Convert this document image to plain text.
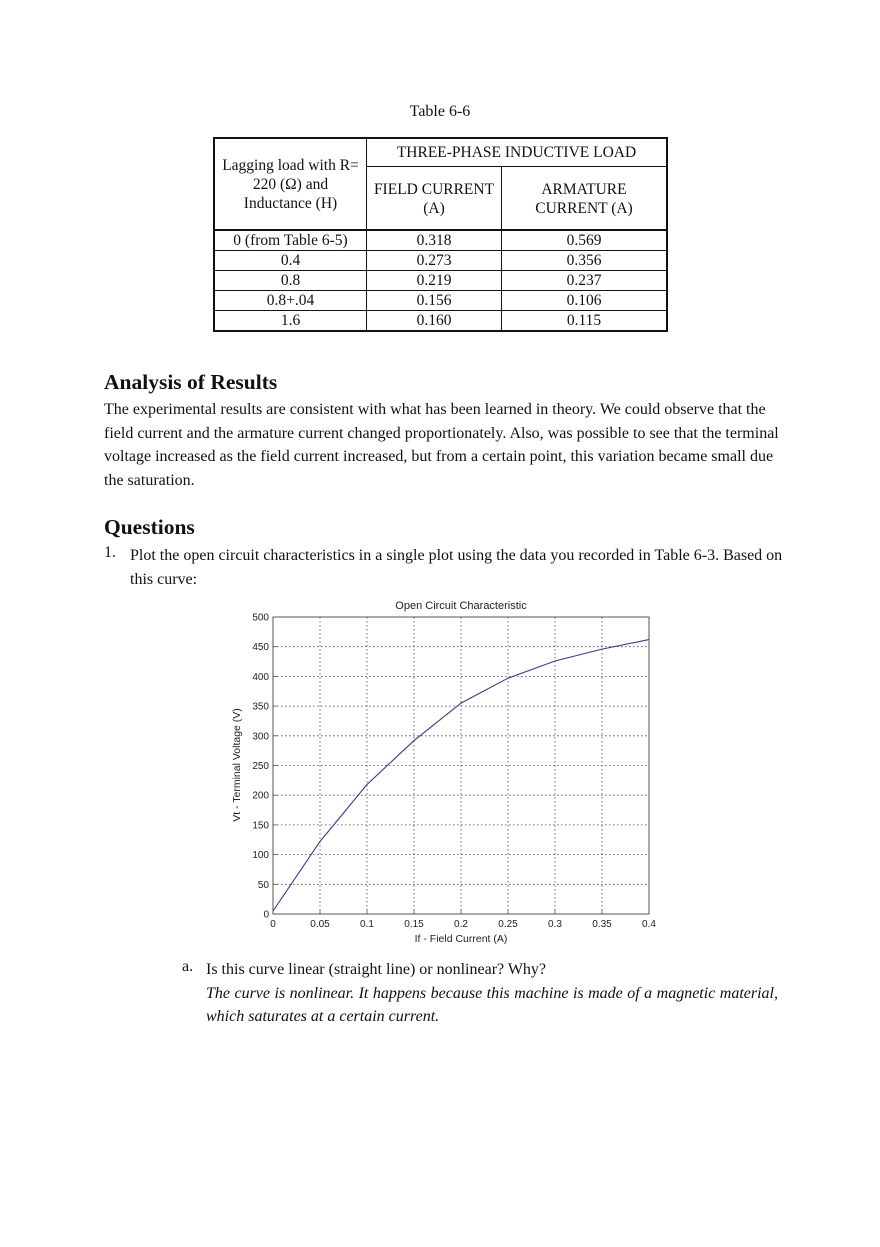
Table 6-6
Lagging load with R= 220 (Ω) and Inductance (H)	THREE-PHASE INDUCTIVE LOAD	
	FIELD CURRENT (A)	ARMATURE CURRENT (A)
0 (from Table 6-5)	0.318	0.569
0.4	0.273	0.356
0.8	0.219	0.237
0.8+.04	0.156	0.106
1.6	0.160	0.115
Analysis of Results

The experimental results are consistent with what has been learned in theory. We could observe that the field current and the armature current changed proportionately. Also, was possible to see that the terminal voltage increased as the field current increased, but from a certain point, this variation became small due the saturation.

Questions
1. Plot the open circuit characteristics in a single plot using the data you recorded in Table 6-3. Based on this curve:
Open Circuit Characteristic
0	0.05	0.1	0.15	0.2	0.25	0.3	0.35	0.4
0
50
100
150
200
250
300
350
400
450
500
If - Field Current (A)
Vt - Terminal Voltage (V)
a. Is this curve linear (straight line) or nonlinear? Why?
The curve is nonlinear. It happens because this machine is made of a magnetic material, which saturates at a certain current.
